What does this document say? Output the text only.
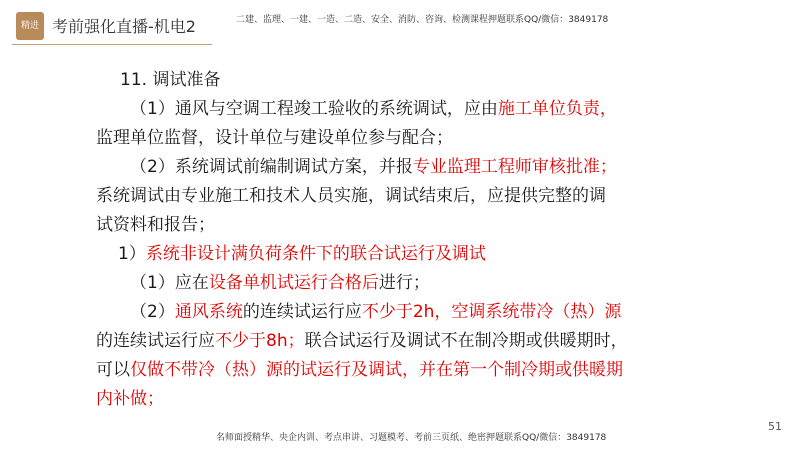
精进 考前强化直播-机电2	二建、监理、一建、一造、二造、安全、消防、咨询、检测课程押题联系QQ/微信：3849178
11. 调试准备
（1）通风与空调工程竣工验收的系统调试，应由施工单位负责，
监理单位监督，设计单位与建设单位参与配合；
（2）系统调试前编制调试方案，并报专业监理工程师审核批准；
系统调试由专业施工和技术人员实施，调试结束后，应提供完整的调
试资料和报告；
1）系统非设计满负荷条件下的联合试运行及调试
（1）应在设备单机试运行合格后进行；
（2）通风系统的连续试运行应不少于2h，空调系统带冷（热）源
的连续试运行应不少于8h；联合试运行及调试不在制冷期或供暖期时，
可以仅做不带冷（热）源的试运行及调试，并在第一个制冷期或供暖期
内补做；
51
名师面授精华、央企内训、考点串讲、习题模考、考前三页纸、绝密押题联系QQ/微信：3849178
